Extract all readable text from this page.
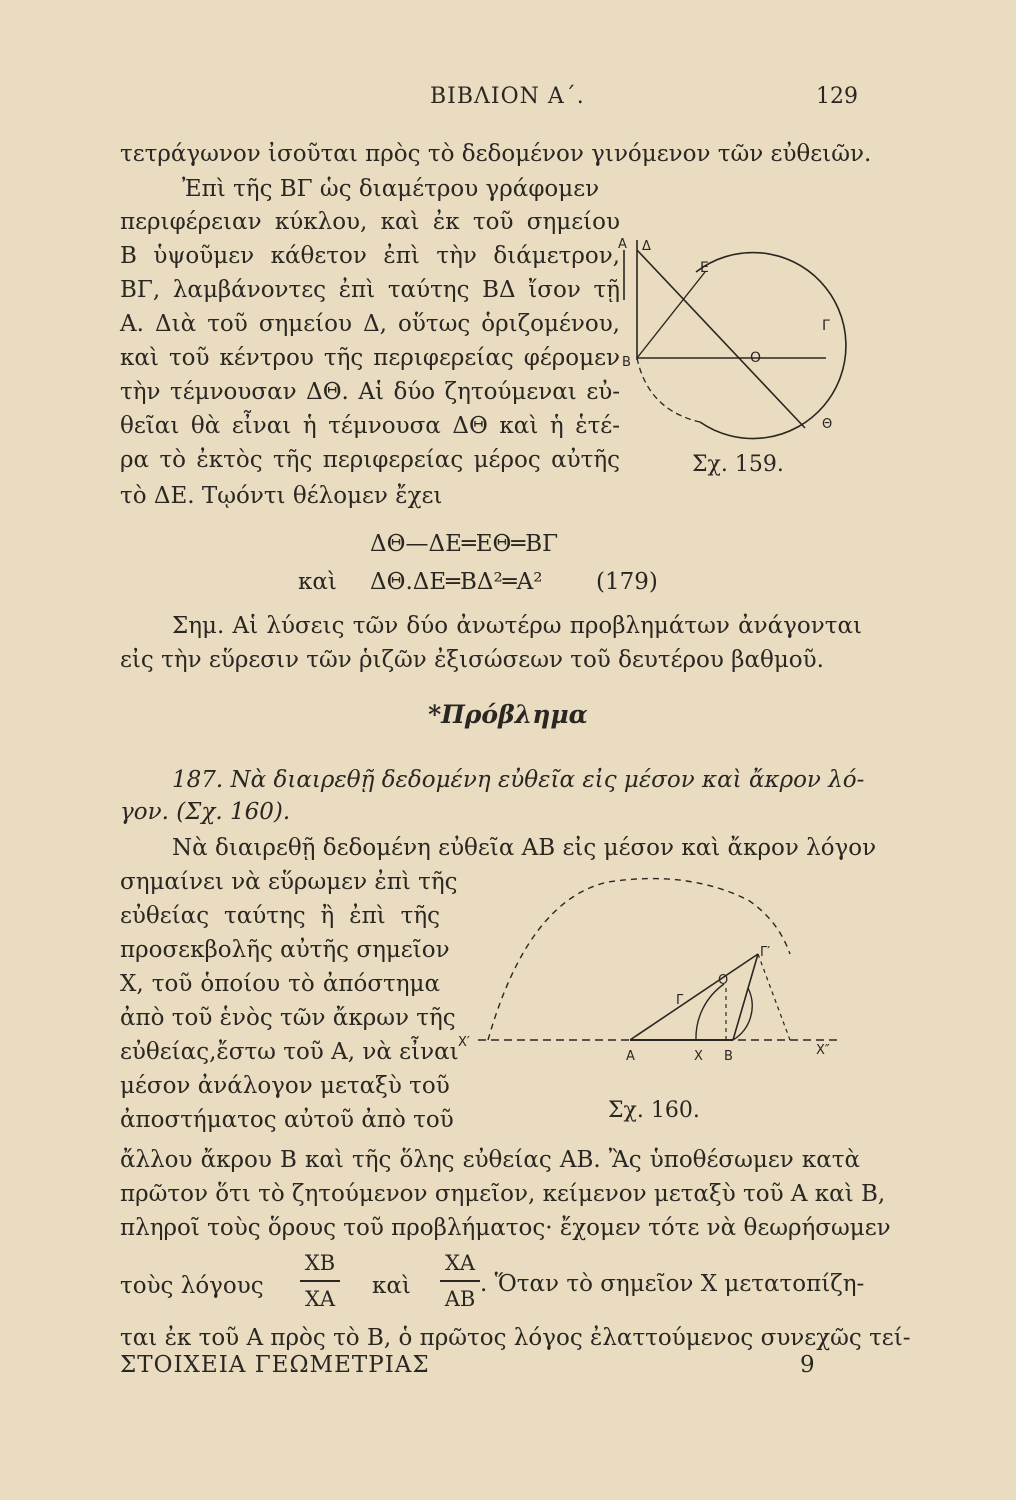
ΒΙΒΛΙΟΝ Α΄.	129
τετράγωνον ἰσοῦται πρὸς τὸ δεδομένον γινόμενον τῶν εὐθειῶν.
Ἐπὶ τῆς ΒΓ ὡς διαμέτρου γράφομεν
περιφέρειαν κύκλου, καὶ ἐκ τοῦ σημείου
Β ὑψοῦμεν κάθετον ἐπὶ τὴν διάμετρον,
ΒΓ, λαμβάνοντες ἐπὶ ταύτης ΒΔ ἴσον τῇ
Α. Διὰ τοῦ σημείου Δ, οὕτως ὁριζομένου,
καὶ τοῦ κέντρου τῆς περιφερείας φέρομεν
τὴν τέμνουσαν ΔΘ. Αἱ δύο ζητούμεναι εὐ-
θεῖαι θὰ εἶναι ἡ τέμνουσα ΔΘ καὶ ἡ ἑτέ-
ρα τὸ ἐκτὸς τῆς περιφερείας μέρος αὐτῆς
τὸ ΔΕ. Τῳόντι θέλομεν ἔχει
ΔΘ—ΔΕ═ΕΘ═ΒΓ
καὶ ΔΘ.ΔΕ═ΒΔ²═Α² (179)
Σημ. Αἱ λύσεις τῶν δύο ἀνωτέρω προβλημάτων ἀνάγονται
εἰς τὴν εὕρεσιν τῶν ῥιζῶν ἐξισώσεων τοῦ δευτέρου βαθμοῦ.
Α Δ
Ε
Γ
Β	Ο
Θ
Σχ. 159.
*Πρόβλημα
187. Νὰ διαιρεθῇ δεδομένη εὐθεῖα εἰς μέσον καὶ ἄκρον λό-
γον. (Σχ. 160).
Νὰ διαιρεθῇ δεδομένη εὐθεῖα ΑΒ εἰς μέσον καὶ ἄκρον λόγον
σημαίνει νὰ εὕρωμεν ἐπὶ τῆς
εὐθείας ταύτης ἢ ἐπὶ τῆς
προσεκβολῆς αὐτῆς σημεῖον
Χ, τοῦ ὁποίου τὸ ἀπόστημα
ἀπὸ τοῦ ἑνὸς τῶν ἄκρων τῆς
εὐθείας,ἔστω τοῦ Α, νὰ εἶναι
μέσον ἀνάλογον μεταξὺ τοῦ
ἀποστήματος αὐτοῦ ἀπὸ τοῦ
Γ′
Ο
Γ
Χ′
Α	Χ Β	Χ″
Σχ. 160.
ἄλλου ἄκρου Β καὶ τῆς ὅλης εὐθείας ΑΒ. Ἂς ὑποθέσωμεν κατὰ
πρῶτον ὅτι τὸ ζητούμενον σημεῖον, κείμενον μεταξὺ τοῦ Α καὶ Β,
πληροῖ τοὺς ὅρους τοῦ προβλήματος· ἔχομεν τότε νὰ θεωρήσωμεν
τοὺς λόγους
ΧΒ
ΧΑ καὶ
ΧΑ
ΑΒ
. Ὅταν τὸ σημεῖον Χ μετατοπίζη-
ται ἐκ τοῦ Α πρὸς τὸ Β, ὁ πρῶτος λόγος ἐλαττούμενος συνεχῶς τεί-
ΣΤΟΙΧΕΙΑ ΓΕΩΜΕΤΡΙΑΣ	9
